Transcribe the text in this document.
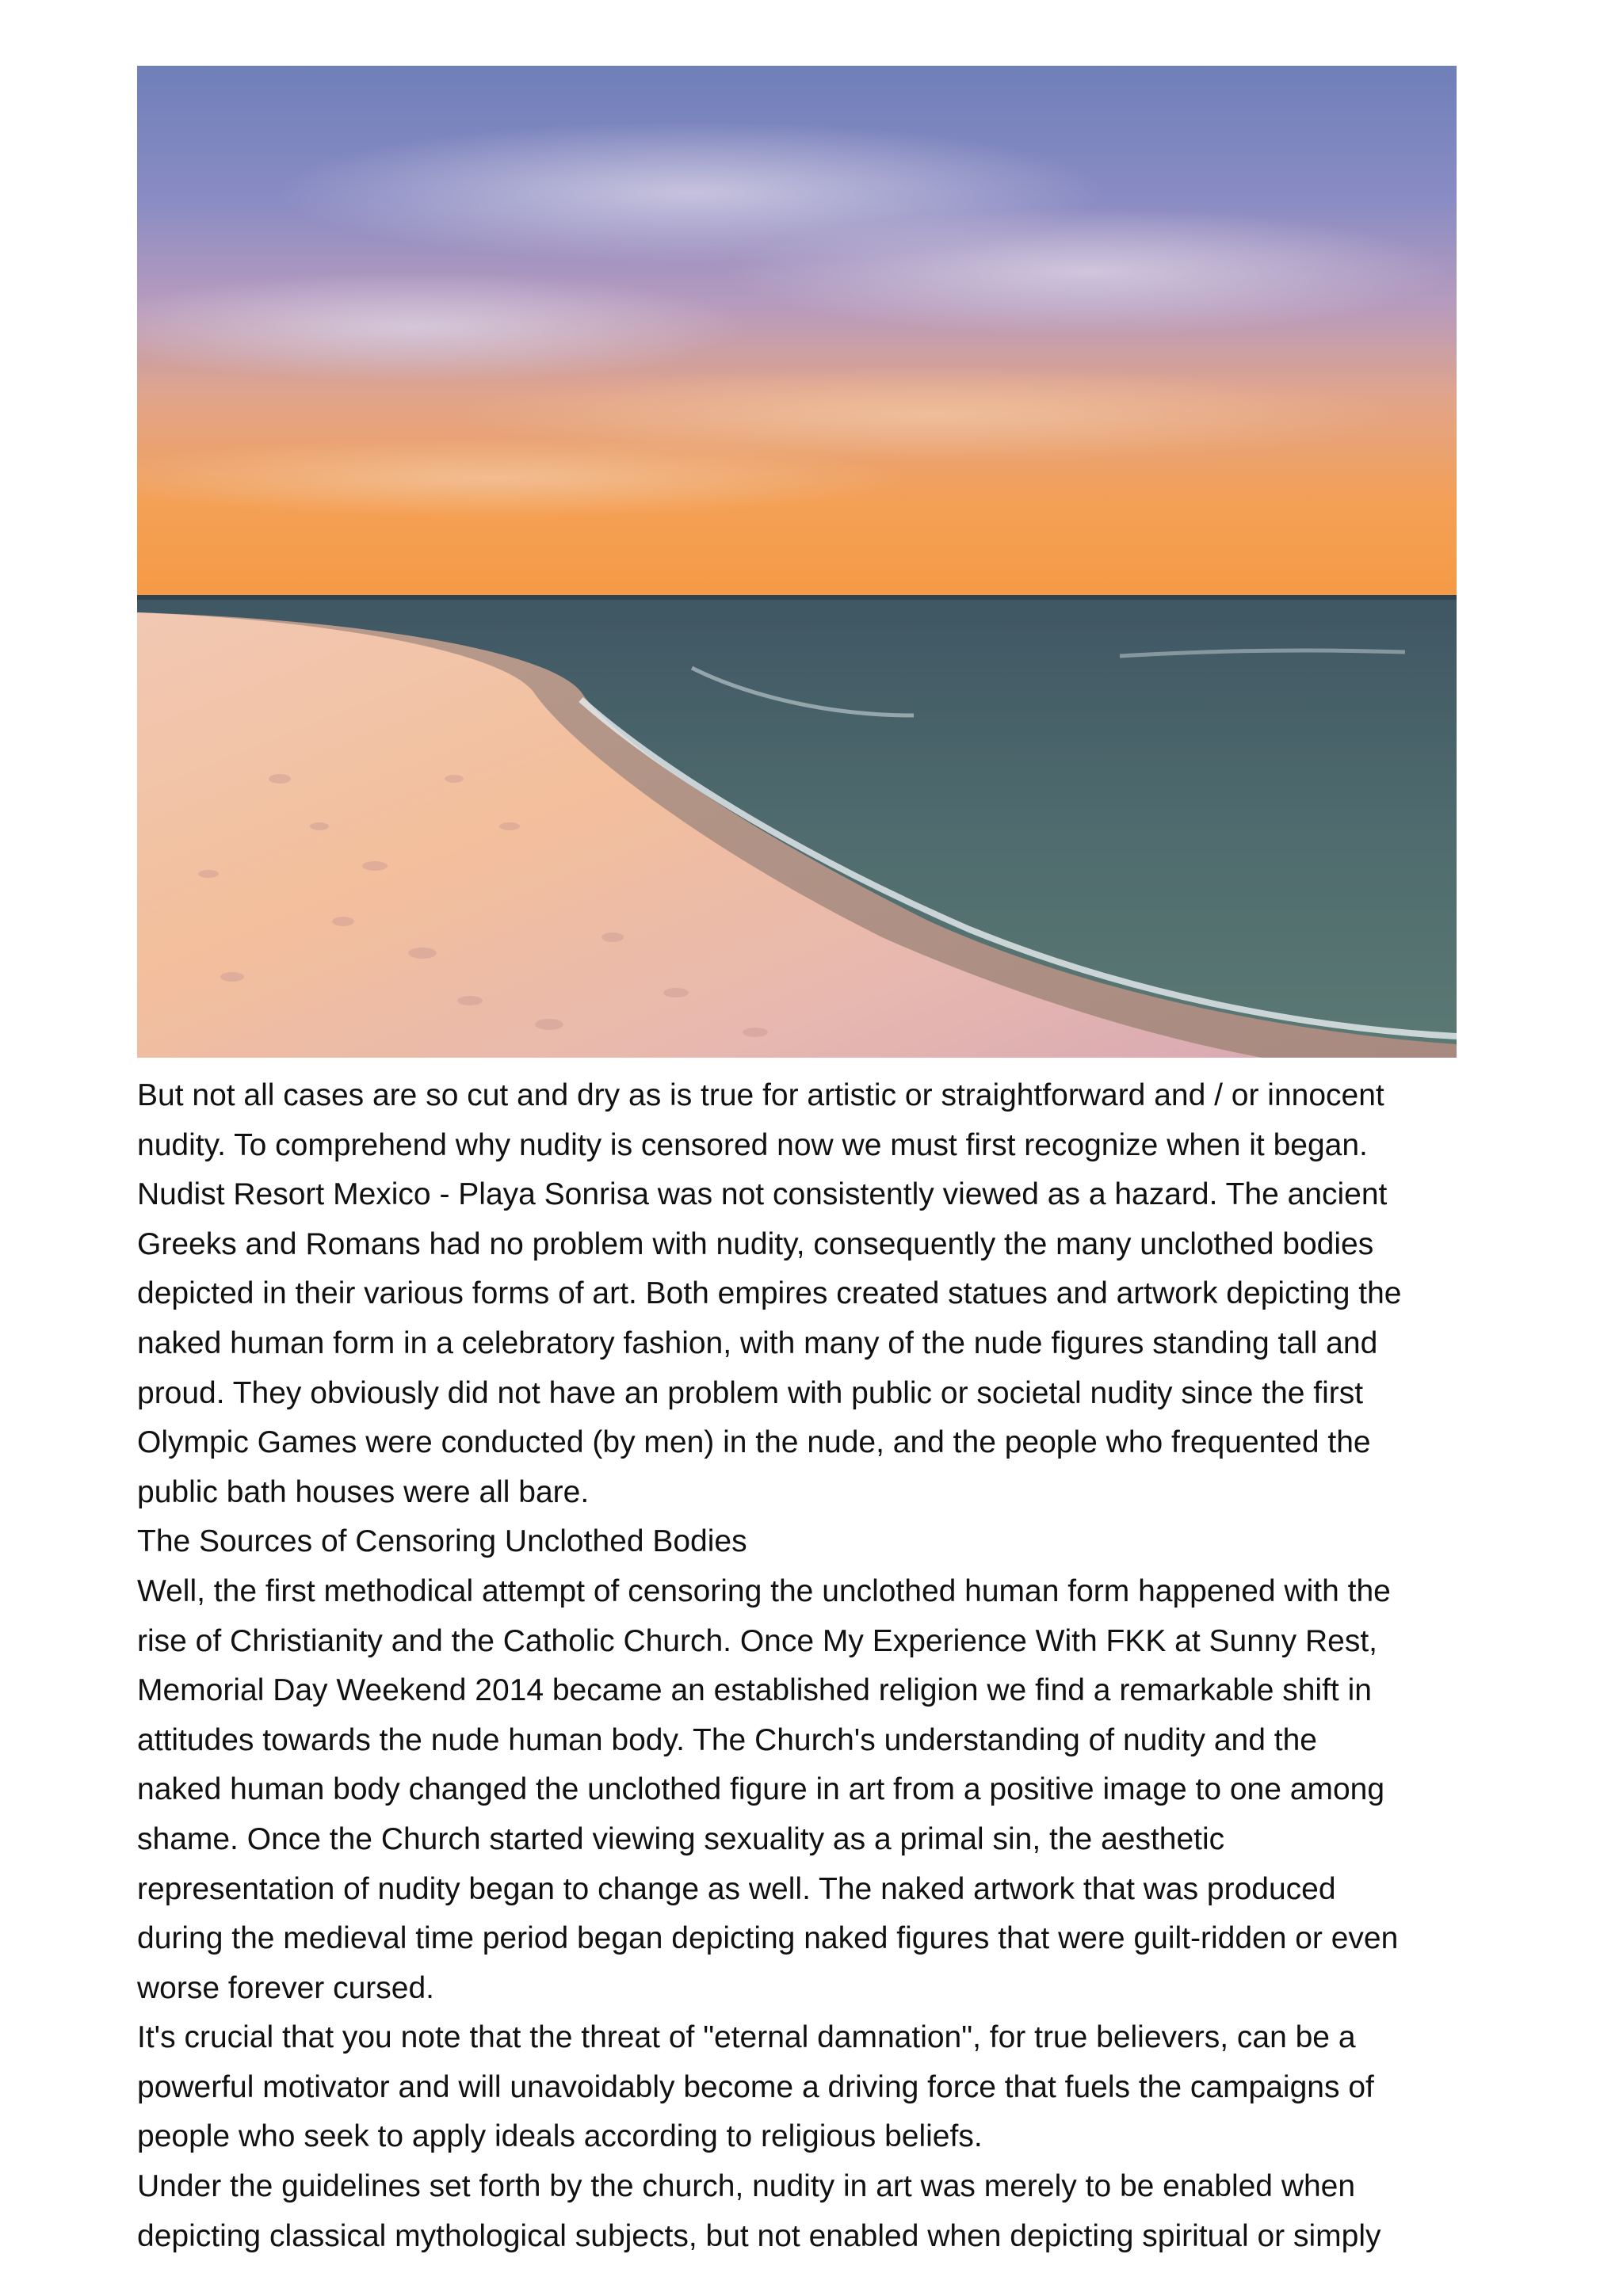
But not all cases are so cut and dry as is true for artistic or straightforward and / or innocent
nudity. To comprehend why nudity is censored now we must first recognize when it began.
Nudist Resort Mexico - Playa Sonrisa was not consistently viewed as a hazard. The ancient
Greeks and Romans had no problem with nudity, consequently the many unclothed bodies
depicted in their various forms of art. Both empires created statues and artwork depicting the
naked human form in a celebratory fashion, with many of the nude figures standing tall and
proud. They obviously did not have an problem with public or societal nudity since the first
Olympic Games were conducted (by men) in the nude, and the people who frequented the
public bath houses were all bare.
The Sources of Censoring Unclothed Bodies
Well, the first methodical attempt of censoring the unclothed human form happened with the
rise of Christianity and the Catholic Church. Once My Experience With FKK at Sunny Rest,
Memorial Day Weekend 2014 became an established religion we find a remarkable shift in
attitudes towards the nude human body. The Church's understanding of nudity and the
naked human body changed the unclothed figure in art from a positive image to one among
shame. Once the Church started viewing sexuality as a primal sin, the aesthetic
representation of nudity began to change as well. The naked artwork that was produced
during the medieval time period began depicting naked figures that were guilt-ridden or even
worse forever cursed.
It's crucial that you note that the threat of "eternal damnation", for true believers, can be a
powerful motivator and will unavoidably become a driving force that fuels the campaigns of
people who seek to apply ideals according to religious beliefs.
Under the guidelines set forth by the church, nudity in art was merely to be enabled when
depicting classical mythological subjects, but not enabled when depicting spiritual or simply
